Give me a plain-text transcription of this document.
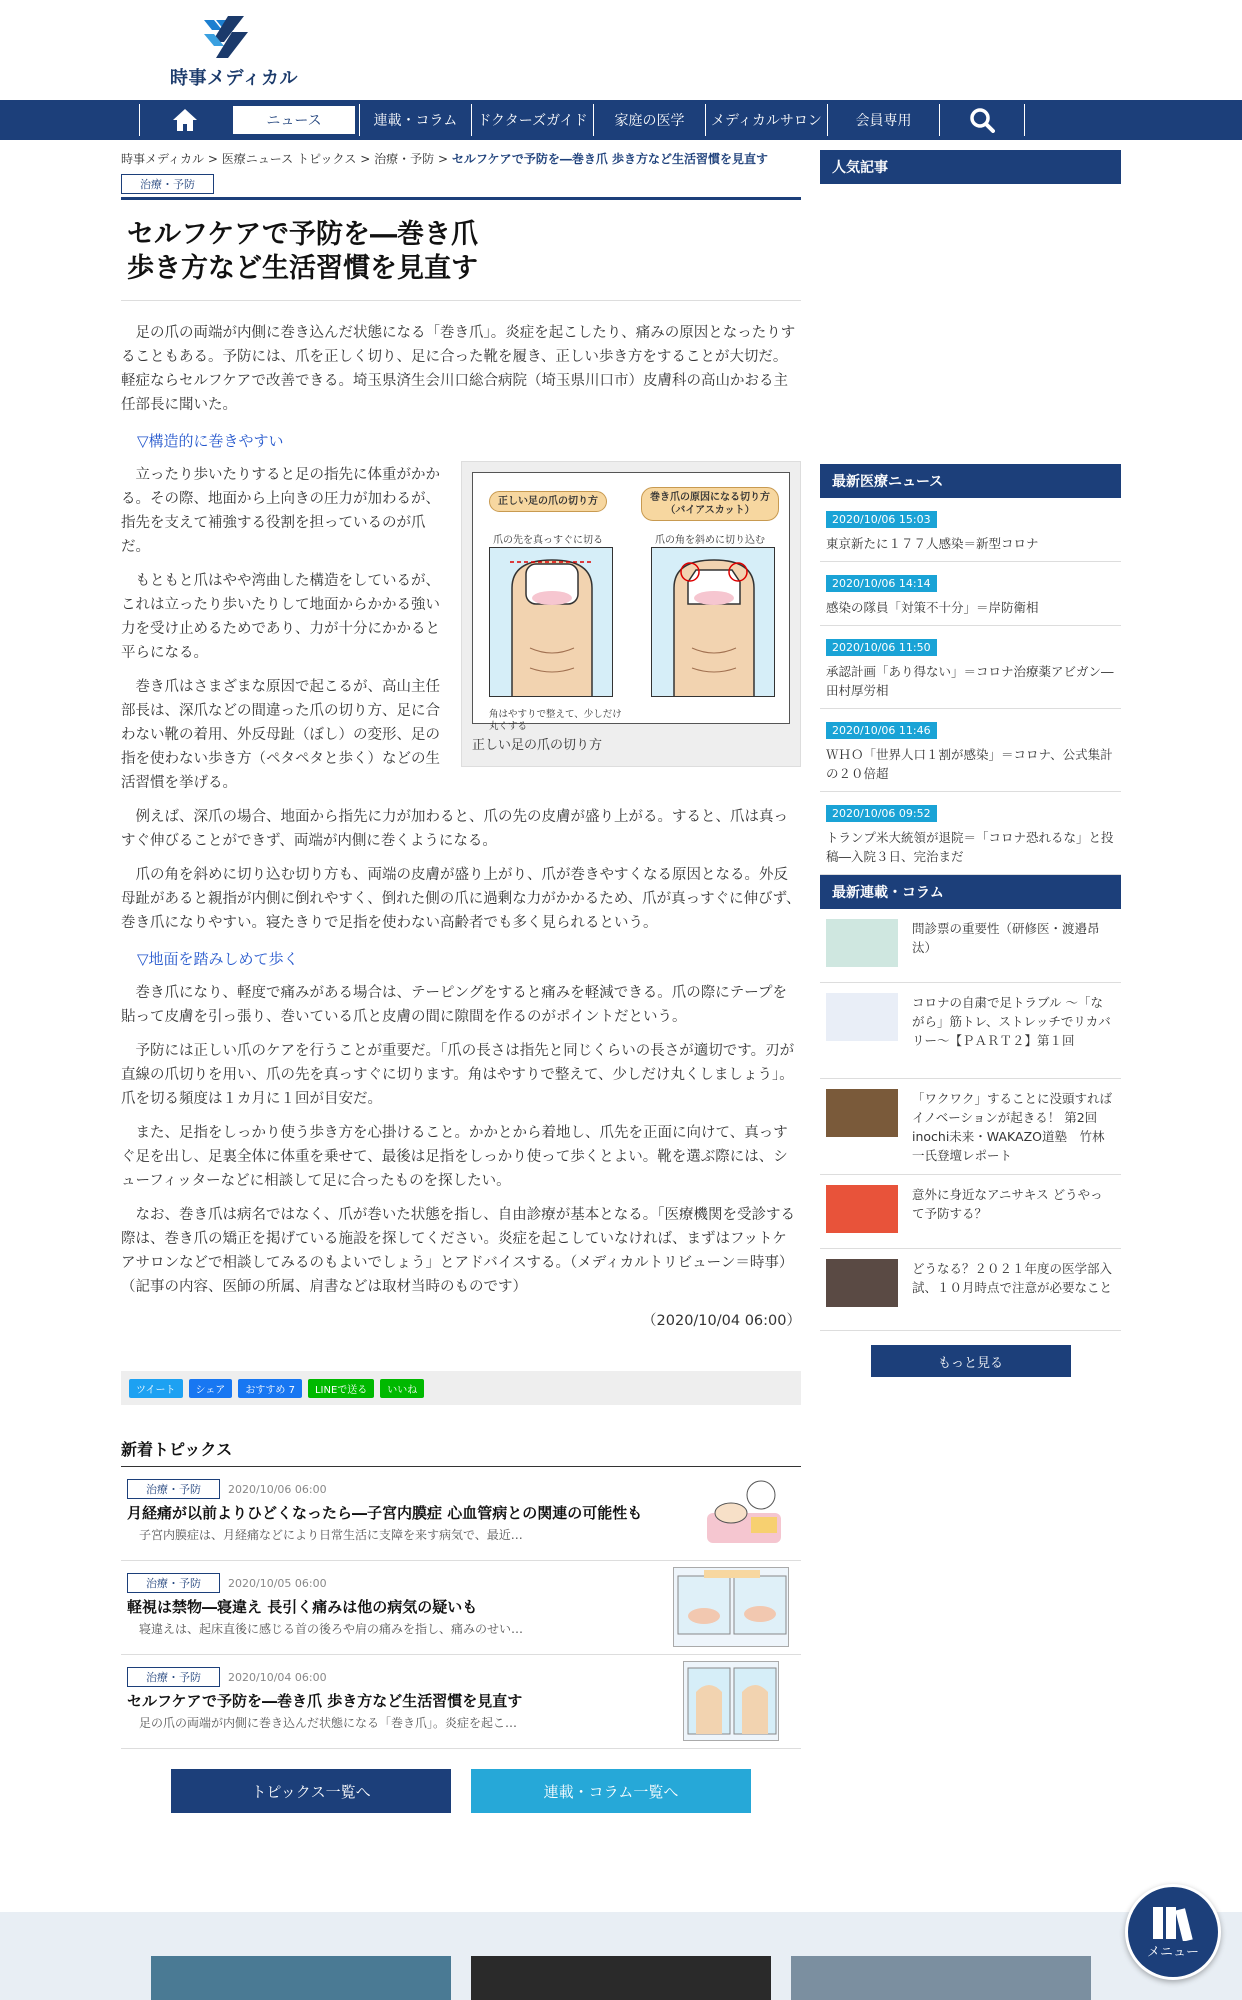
時事メディカル
ニュース	連載・コラム	ドクターズガイド	家庭の医学	メディカルサロン	会員専用
時事メディカル > 医療ニュース トピックス > 治療・予防 > セルフケアで予防を―巻き爪 歩き方など生活習慣を見直す
治療・予防
セルフケアで予防を―巻き爪
歩き方など生活習慣を見直す

足の爪の両端が内側に巻き込んだ状態になる「巻き爪」。炎症を起こしたり、痛みの原因となったりすることもある。予防には、爪を正しく切り、足に合った靴を履き、正しい歩き方をすることが大切だ。軽症ならセルフケアで改善できる。埼玉県済生会川口総合病院（埼玉県川口市）皮膚科の高山かおる主任部長に聞いた。

▽構造的に巻きやすい
正しい足の爪の切り方
爪の先を真っすぐに切る
角はやすりで整えて、少しだけ丸くする
巻き爪の原因になる切り方
（バイアスカット）
爪の角を斜めに切り込む
正しい足の爪の切り方

立ったり歩いたりすると足の指先に体重がかかる。その際、地面から上向きの圧力が加わるが、指先を支えて補強する役割を担っているのが爪だ。

もともと爪はやや湾曲した構造をしているが、これは立ったり歩いたりして地面からかかる強い力を受け止めるためであり、力が十分にかかると平らになる。

巻き爪はさまざまな原因で起こるが、高山主任部長は、深爪などの間違った爪の切り方、足に合わない靴の着用、外反母趾（ぼし）の変形、足の指を使わない歩き方（ペタペタと歩く）などの生活習慣を挙げる。

例えば、深爪の場合、地面から指先に力が加わると、爪の先の皮膚が盛り上がる。すると、爪は真っすぐ伸びることができず、両端が内側に巻くようになる。

爪の角を斜めに切り込む切り方も、両端の皮膚が盛り上がり、爪が巻きやすくなる原因となる。外反母趾があると親指が内側に倒れやすく、倒れた側の爪に過剰な力がかかるため、爪が真っすぐに伸びず、巻き爪になりやすい。寝たきりで足指を使わない高齢者でも多く見られるという。

▽地面を踏みしめて歩く

巻き爪になり、軽度で痛みがある場合は、テーピングをすると痛みを軽減できる。爪の際にテープを貼って皮膚を引っ張り、巻いている爪と皮膚の間に隙間を作るのがポイントだという。

予防には正しい爪のケアを行うことが重要だ。「爪の長さは指先と同じくらいの長さが適切です。刃が直線の爪切りを用い、爪の先を真っすぐに切ります。角はやすりで整えて、少しだけ丸くしましょう」。爪を切る頻度は１カ月に１回が目安だ。

また、足指をしっかり使う歩き方を心掛けること。かかとから着地し、爪先を正面に向けて、真っすぐ足を出し、足裏全体に体重を乗せて、最後は足指をしっかり使って歩くとよい。靴を選ぶ際には、シューフィッターなどに相談して足に合ったものを探したい。

なお、巻き爪は病名ではなく、爪が巻いた状態を指し、自由診療が基本となる。「医療機関を受診する際は、巻き爪の矯正を掲げている施設を探してください。炎症を起こしていなければ、まずはフットケアサロンなどで相談してみるのもよいでしょう」とアドバイスする。（メディカルトリビューン＝時事）（記事の内容、医師の所属、肩書などは取材当時のものです）

（2020/10/04 06:00）
ツイート	シェア	おすすめ 7	LINEで送る	いいね
新着トピックス
治療・予防	2020/10/06 06:00
月経痛が以前よりひどくなったら―子宮内膜症 心血管病との関連の可能性も
子宮内膜症は、月経痛などにより日常生活に支障を来す病気で、最近…
治療・予防	2020/10/05 06:00
軽視は禁物―寝違え 長引く痛みは他の病気の疑いも
寝違えは、起床直後に感じる首の後ろや肩の痛みを指し、痛みのせい…
治療・予防	2020/10/04 06:00
セルフケアで予防を―巻き爪 歩き方など生活習慣を見直す
足の爪の両端が内側に巻き込んだ状態になる「巻き爪」。炎症を起こ…
トピックス一覧へ	連載・コラム一覧へ
人気記事
最新医療ニュース
2020/10/06 15:03
東京新たに１７７人感染＝新型コロナ
2020/10/06 14:14
感染の隊員「対策不十分」＝岸防衛相
2020/10/06 11:50
承認計画「あり得ない」＝コロナ治療薬アビガン―田村厚労相
2020/10/06 11:46
ＷＨＯ「世界人口１割が感染」＝コロナ、公式集計の２０倍超
2020/10/06 09:52
トランプ米大統領が退院＝「コロナ恐れるな」と投稿―入院３日、完治まだ
最新連載・コラム
問診票の重要性（研修医・渡邉昂汰）
コロナの自粛で足トラブル ～「ながら」筋トレ、ストレッチでリカバリー～【ＰＡＲＴ２】第１回
「ワクワク」することに没頭すればイノベーションが起きる！ 第2回inochi未来・WAKAZO道塾　竹林一氏登壇レポート
意外に身近なアニサキス どうやって予防する？
どうなる？２０２１年度の医学部入試、１０月時点で注意が必要なこと
もっと見る
メニュー
